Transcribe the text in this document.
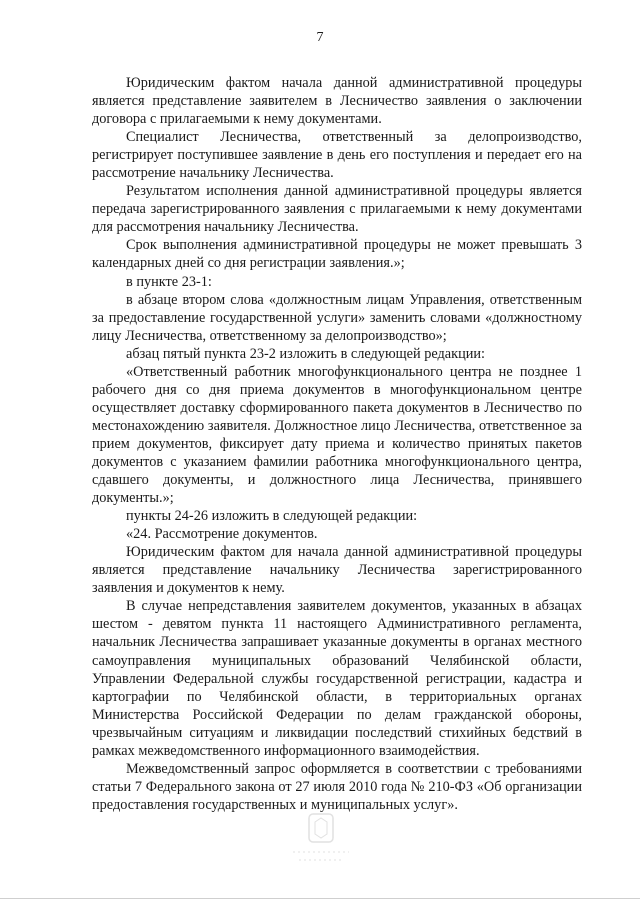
7

Юридическим фактом начала данной административной процедуры является представление заявителем в Лесничество заявления о заключении договора с прилагаемыми к нему документами.

Специалист Лесничества, ответственный за делопроизводство, регистрирует поступившее заявление в день его поступления и передает его на рассмотрение начальнику Лесничества.

Результатом исполнения данной административной процедуры является передача зарегистрированного заявления с прилагаемыми к нему документами для рассмотрения начальнику Лесничества.

Срок выполнения административной процедуры не может превышать 3 календарных дней со дня регистрации заявления.»;

в пункте 23-1:

в абзаце втором слова «должностным лицам Управления, ответственным за предоставление государственной услуги» заменить словами «должностному лицу Лесничества, ответственному за делопроизводство»;

абзац пятый пункта 23-2 изложить в следующей редакции:

«Ответственный работник многофункционального центра не позднее 1 рабочего дня со дня приема документов в многофункциональном центре осуществляет доставку сформированного пакета документов в Лесничество по местонахождению заявителя. Должностное лицо Лесничества, ответственное за прием документов, фиксирует дату приема и количество принятых пакетов документов с указанием фамилии работника многофункционального центра, сдавшего документы, и должностного лица Лесничества, принявшего документы.»;

пункты 24-26 изложить в следующей редакции:

«24. Рассмотрение документов.

Юридическим фактом для начала данной административной процедуры является представление начальнику Лесничества зарегистрированного заявления и документов к нему.

В случае непредставления заявителем документов, указанных в абзацах шестом - девятом пункта 11 настоящего Административного регламента, начальник Лесничества запрашивает указанные документы в органах местного самоуправления муниципальных образований Челябинской области, Управлении Федеральной службы государственной регистрации, кадастра и картографии по Челябинской области, в территориальных органах Министерства Российской Федерации по делам гражданской обороны, чрезвычайным ситуациям и ликвидации последствий стихийных бедствий в рамках межведомственного информационного взаимодействия.

Межведомственный запрос оформляется в соответствии с требованиями статьи 7 Федерального закона от 27 июля 2010 года № 210-ФЗ «Об организации предоставления государственных и муниципальных услуг».
